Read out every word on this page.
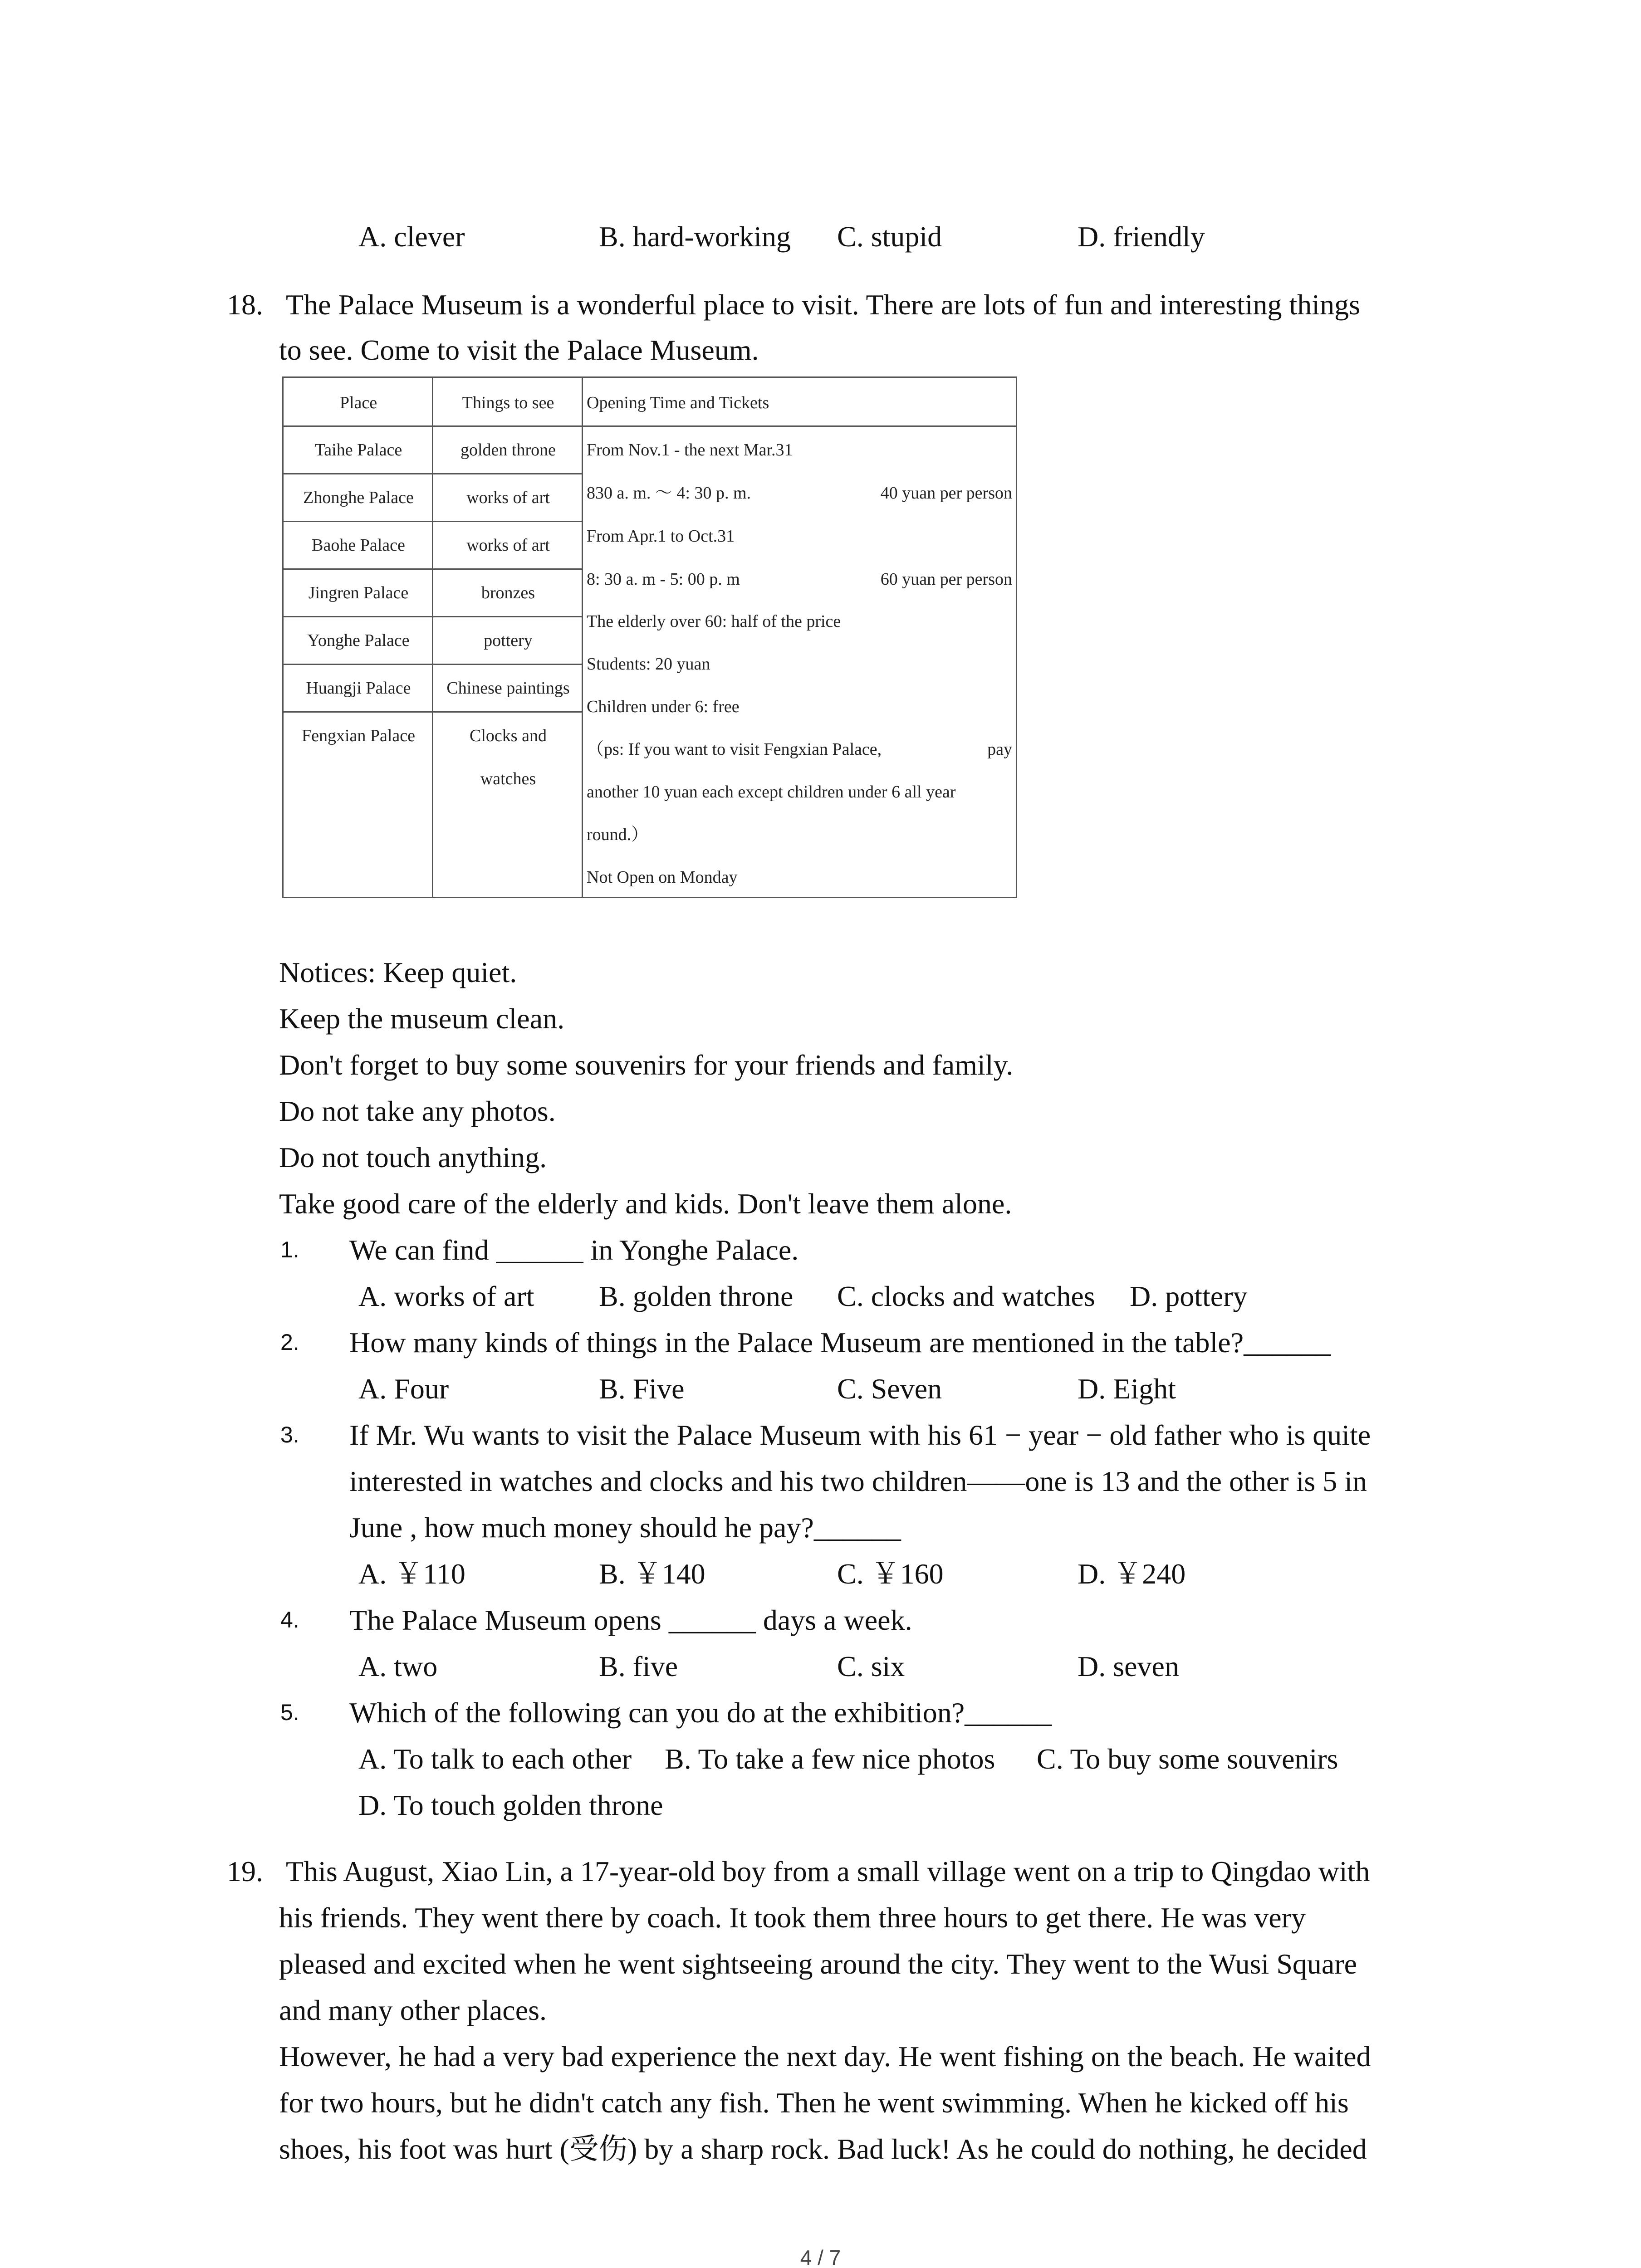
A. clever	B. hard-working C. stupid	D. friendly
18. The Palace Museum is a wonderful place to visit. There are lots of fun and interesting things
to see. Come to visit the Palace Museum.
Place	Things to see	Opening Time and Tickets
Taihe Palace	golden throne
Zhonghe Palace	works of art
Baohe Palace	works of art
Jingren Palace	bronzes
Yonghe Palace	pottery
Huangji Palace	Chinese paintings
Fengxian Palace	Clocks and
watches
From Nov.1 - the next Mar.31
830 a. m. ～ 4: 30 p. m.	40 yuan per person
From Apr.1 to Oct.31
8: 30 a. m - 5: 00 p. m	60 yuan per person
The elderly over 60: half of the price
Students: 20 yuan
Children under 6: free
（ps: If you want to visit Fengxian Palace,	pay
another 10 yuan each except children under 6 all year
round.）
Not Open on Monday
Notices: Keep quiet.
Keep the museum clean.
Don't forget to buy some souvenirs for your friends and family.
Do not take any photos.
Do not touch anything.
Take good care of the elderly and kids. Don't leave them alone.
1. We can find ______ in Yonghe Palace.
A. works of art B. golden throne C. clocks and watches D. pottery
2. How many kinds of things in the Palace Museum are mentioned in the table?______
A. Four	B. Five	C. Seven	D. Eight
3. If Mr. Wu wants to visit the Palace Museum with his 61 − year − old father who is quite
interested in watches and clocks and his two children——one is 13 and the other is 5 in
June , how much money should he pay?______
A. ￥110	B. ￥140	C. ￥160	D. ￥240
4. The Palace Museum opens ______ days a week.
A. two	B. five	C. six	D. seven
5. Which of the following can you do at the exhibition?______
A. To talk to each other B. To take a few nice photos C. To buy some souvenirs
D. To touch golden throne
19. This August, Xiao Lin, a 17-year-old boy from a small village went on a trip to Qingdao with
his friends. They went there by coach. It took them three hours to get there. He was very
pleased and excited when he went sightseeing around the city. They went to the Wusi Square
and many other places.
However, he had a very bad experience the next day. He went fishing on the beach. He waited
for two hours, but he didn't catch any fish. Then he went swimming. When he kicked off his
shoes, his foot was hurt (受伤) by a sharp rock. Bad luck! As he could do nothing, he decided
4 / 7
